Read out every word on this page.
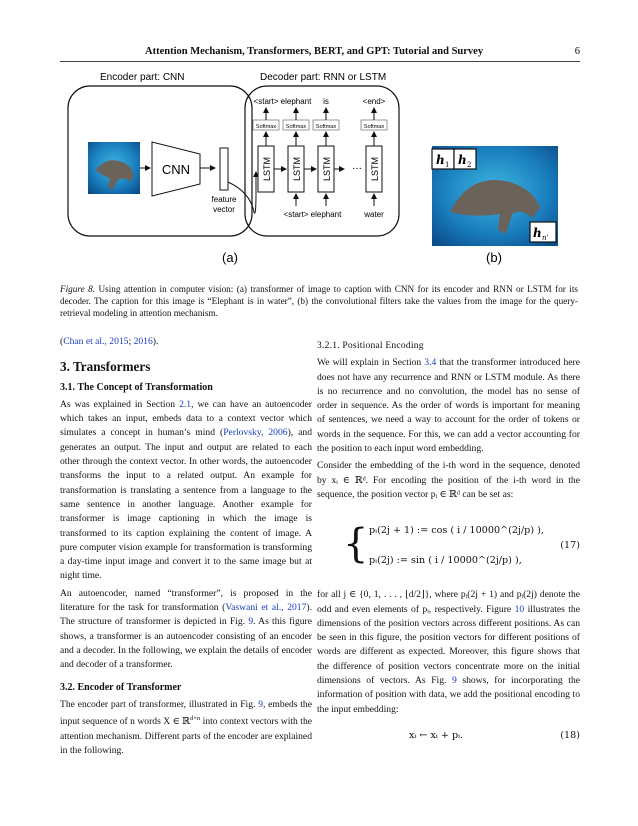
Attention Mechanism, Transformers, BERT, and GPT: Tutorial and Survey	6
Encoder part: CNN	Decoder part: RNN or LSTM
CNN
feature
vector
LSTM LSTM LSTM	LSTM
···
Softmax Softmax Softmax	Softmax
<start> elephant is	<end>
<start> elephant	water
(a)
h 1 h 2
h n'
(b)
Figure 8. Using attention in computer vision: (a) transformer of image to caption with CNN for its encoder and RNN or LSTM for its decoder. The caption for this image is “Elephant is in water”, (b) the convolutional filters take the values from the image for the query-retrieval modeling in attention mechanism.

(Chan et al., 2015; 2016).

3. Transformers
3.1. The Concept of Transformation

As was explained in Section 2.1, we can have an autoencoder which takes an input, embeds data to a context vector which simulates a concept in human’s mind (Perlovsky, 2006), and generates an output. The input and output are related to each other through the context vector. In other words, the autoencoder transforms the input to a related output. An example for transformation is translating a sentence from a language to the same sentence in another language. Another example for transformer is image captioning in which the image is transformed to its caption explaining the content of image. A pure computer vision example for transformation is transforming a day-time input image and convert it to the same image but at night time.

An autoencoder, named “transformer”, is proposed in the literature for the task for transformation (Vaswani et al., 2017). The structure of transformer is depicted in Fig. 9. As this figure shows, a transformer is an autoencoder consisting of an encoder and a decoder. In the following, we explain the details of encoder and decoder of a transformer.

3.2. Encoder of Transformer

The encoder part of transformer, illustrated in Fig. 9, embeds the input sequence of n words X ∈ ℝ$^{d\times n}$ into context vectors with the attention mechanism. Different parts of the encoder are explained in the following.

3.2.1. Positional Encoding

We will explain in Section 3.4 that the transformer introduced here does not have any recurrence and RNN or LSTM module. As there is no recurrence and no convolution, the model has no sense of order in sequence. As the order of words is important for meaning of sentences, we need a way to account for the order of tokens or words in the sequence. For this, we can add a vector accounting for the position to each input word embedding.

Consider the embedding of the i-th word in the sequence, denoted by xᵢ ∈ ℝᵈ. For encoding the position of the i-th word in the sequence, the position vector pᵢ ∈ ℝᵈ can be set as:

{ pᵢ(2j + 1) := cos ( i / 10000^(2j/p) ),
pᵢ(2j) := sin ( i / 10000^(2j/p) ),
(17)

for all j ∈ {0, 1, . . . , ⌊d/2⌋}, where pᵢ(2j + 1) and pᵢ(2j) denote the odd and even elements of pᵢ, respectively. Figure 10 illustrates the dimensions of the position vectors across different positions. As can be seen in this figure, the position vectors for different positions of words are different as expected. Moreover, this figure shows that the difference of position vectors concentrate more on the initial dimensions of vectors. As Fig. 9 shows, for incorporating the information of position with data, we add the positional encoding to the input embedding:

xᵢ ← xᵢ + pᵢ.	(18)
